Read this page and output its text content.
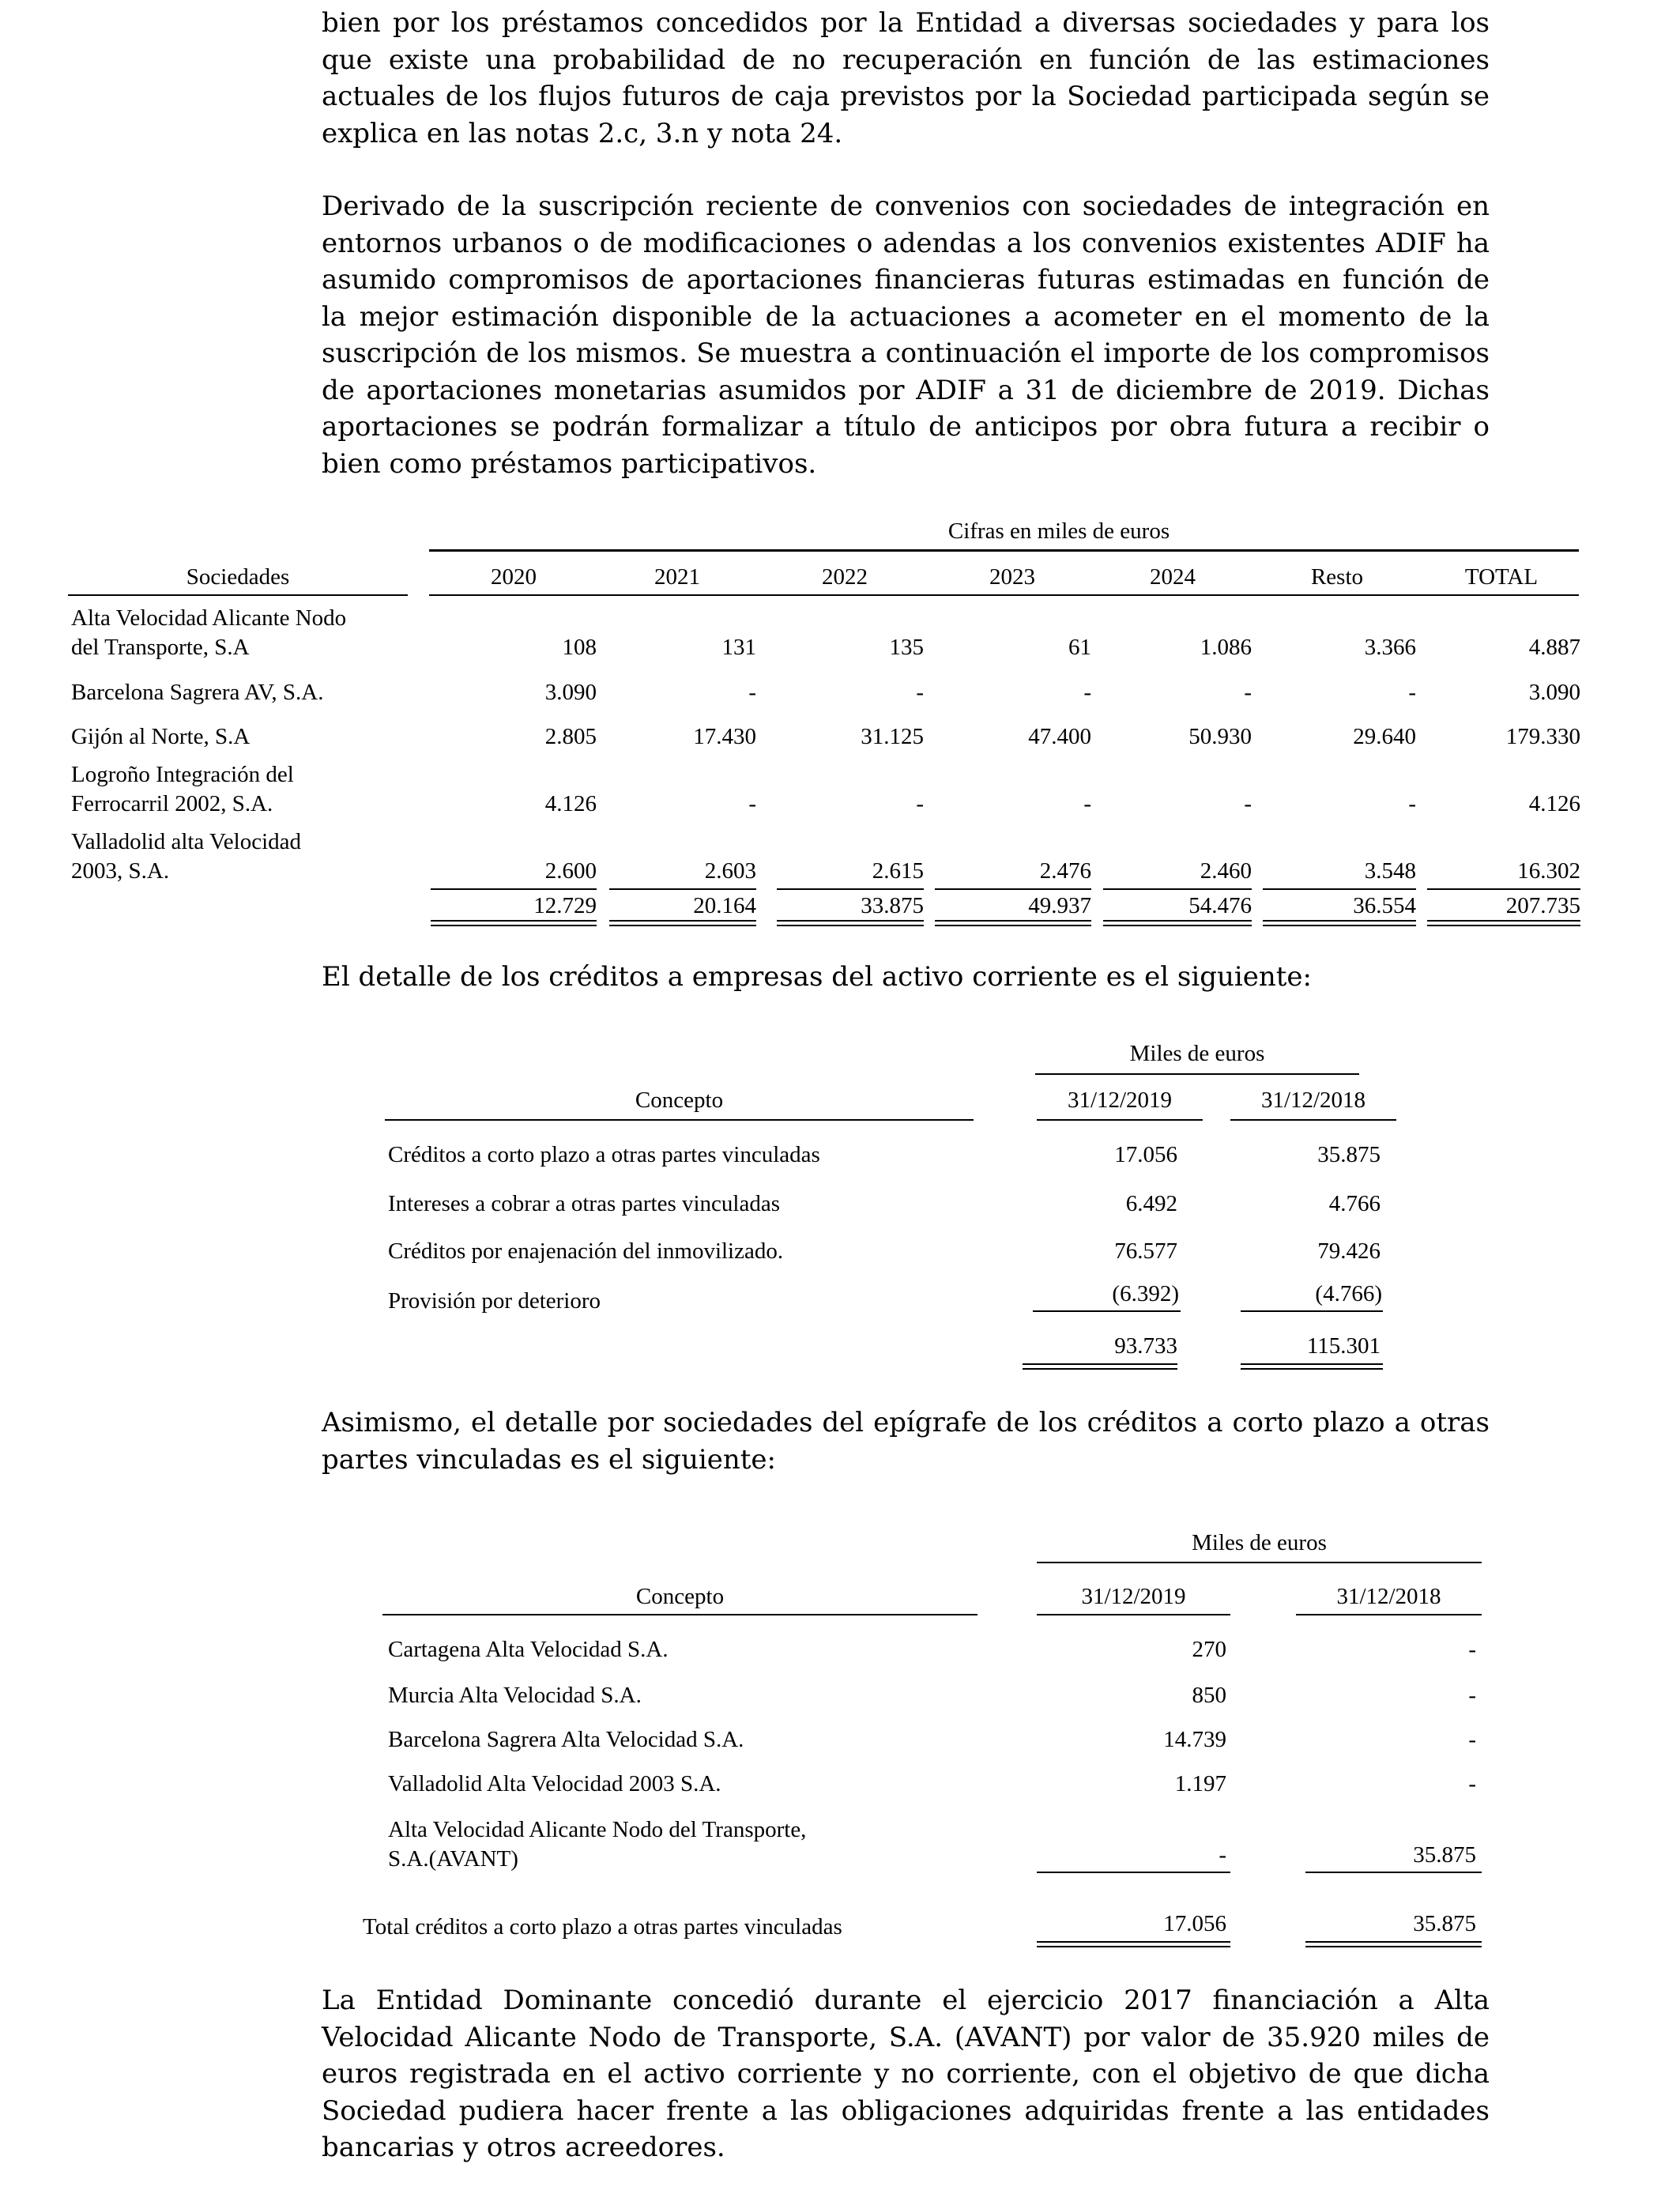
bien por los préstamos concedidos por la Entidad a diversas sociedades y para los que existe una probabilidad de no recuperación en función de las estimaciones actuales de los flujos futuros de caja previstos por la Sociedad participada según se explica en las notas 2.c, 3.n y nota 24.

Derivado de la suscripción reciente de convenios con sociedades de integración en entornos urbanos o de modificaciones o adendas a los convenios existentes ADIF ha asumido compromisos de aportaciones financieras futuras estimadas en función de la mejor estimación disponible de la actuaciones a acometer en el momento de la suscripción de los mismos. Se muestra a continuación el importe de los compromisos de aportaciones monetarias asumidos por ADIF a 31 de diciembre de 2019. Dichas aportaciones se podrán formalizar a título de anticipos por obra futura a recibir o bien como préstamos participativos.

Cifras en miles de euros
Sociedades	2020	2021	2022	2023	2024	Resto	TOTAL
Alta Velocidad Alicante Nodo
del Transporte, S.A	108	131	135	61	1.086	3.366	4.887
Barcelona Sagrera AV, S.A.	3.090	-	-	-	-	-	3.090
Gijón al Norte, S.A	2.805	17.430	31.125	47.400	50.930	29.640	179.330
Logroño Integración del
Ferrocarril 2002, S.A.	4.126	-	-	-	-	-	4.126
Valladolid alta Velocidad
2003, S.A.	2.600	2.603	2.615	2.476	2.460	3.548	16.302
12.729	20.164	33.875	49.937	54.476	36.554	207.735

El detalle de los créditos a empresas del activo corriente es el siguiente:

Miles de euros
Concepto	31/12/2019	31/12/2018
Créditos a corto plazo a otras partes vinculadas	17.056	35.875
Intereses a cobrar a otras partes vinculadas	6.492	4.766
Créditos por enajenación del inmovilizado.	76.577	79.426
Provisión por deterioro	(6.392)	(4.766)
93.733	115.301

Asimismo, el detalle por sociedades del epígrafe de los créditos a corto plazo a otras partes vinculadas es el siguiente:

Miles de euros
Concepto	31/12/2019	31/12/2018
Cartagena Alta Velocidad S.A.	270	-
Murcia Alta Velocidad S.A.	850	-
Barcelona Sagrera Alta Velocidad S.A.	14.739	-
Valladolid Alta Velocidad 2003 S.A.	1.197	-
Alta Velocidad Alicante Nodo del Transporte,
S.A.(AVANT)	-	35.875
Total créditos a corto plazo a otras partes vinculadas	17.056	35.875

La Entidad Dominante concedió durante el ejercicio 2017 financiación a Alta Velocidad Alicante Nodo de Transporte, S.A. (AVANT) por valor de 35.920 miles de euros registrada en el activo corriente y no corriente, con el objetivo de que dicha Sociedad pudiera hacer frente a las obligaciones adquiridas frente a las entidades bancarias y otros acreedores.
